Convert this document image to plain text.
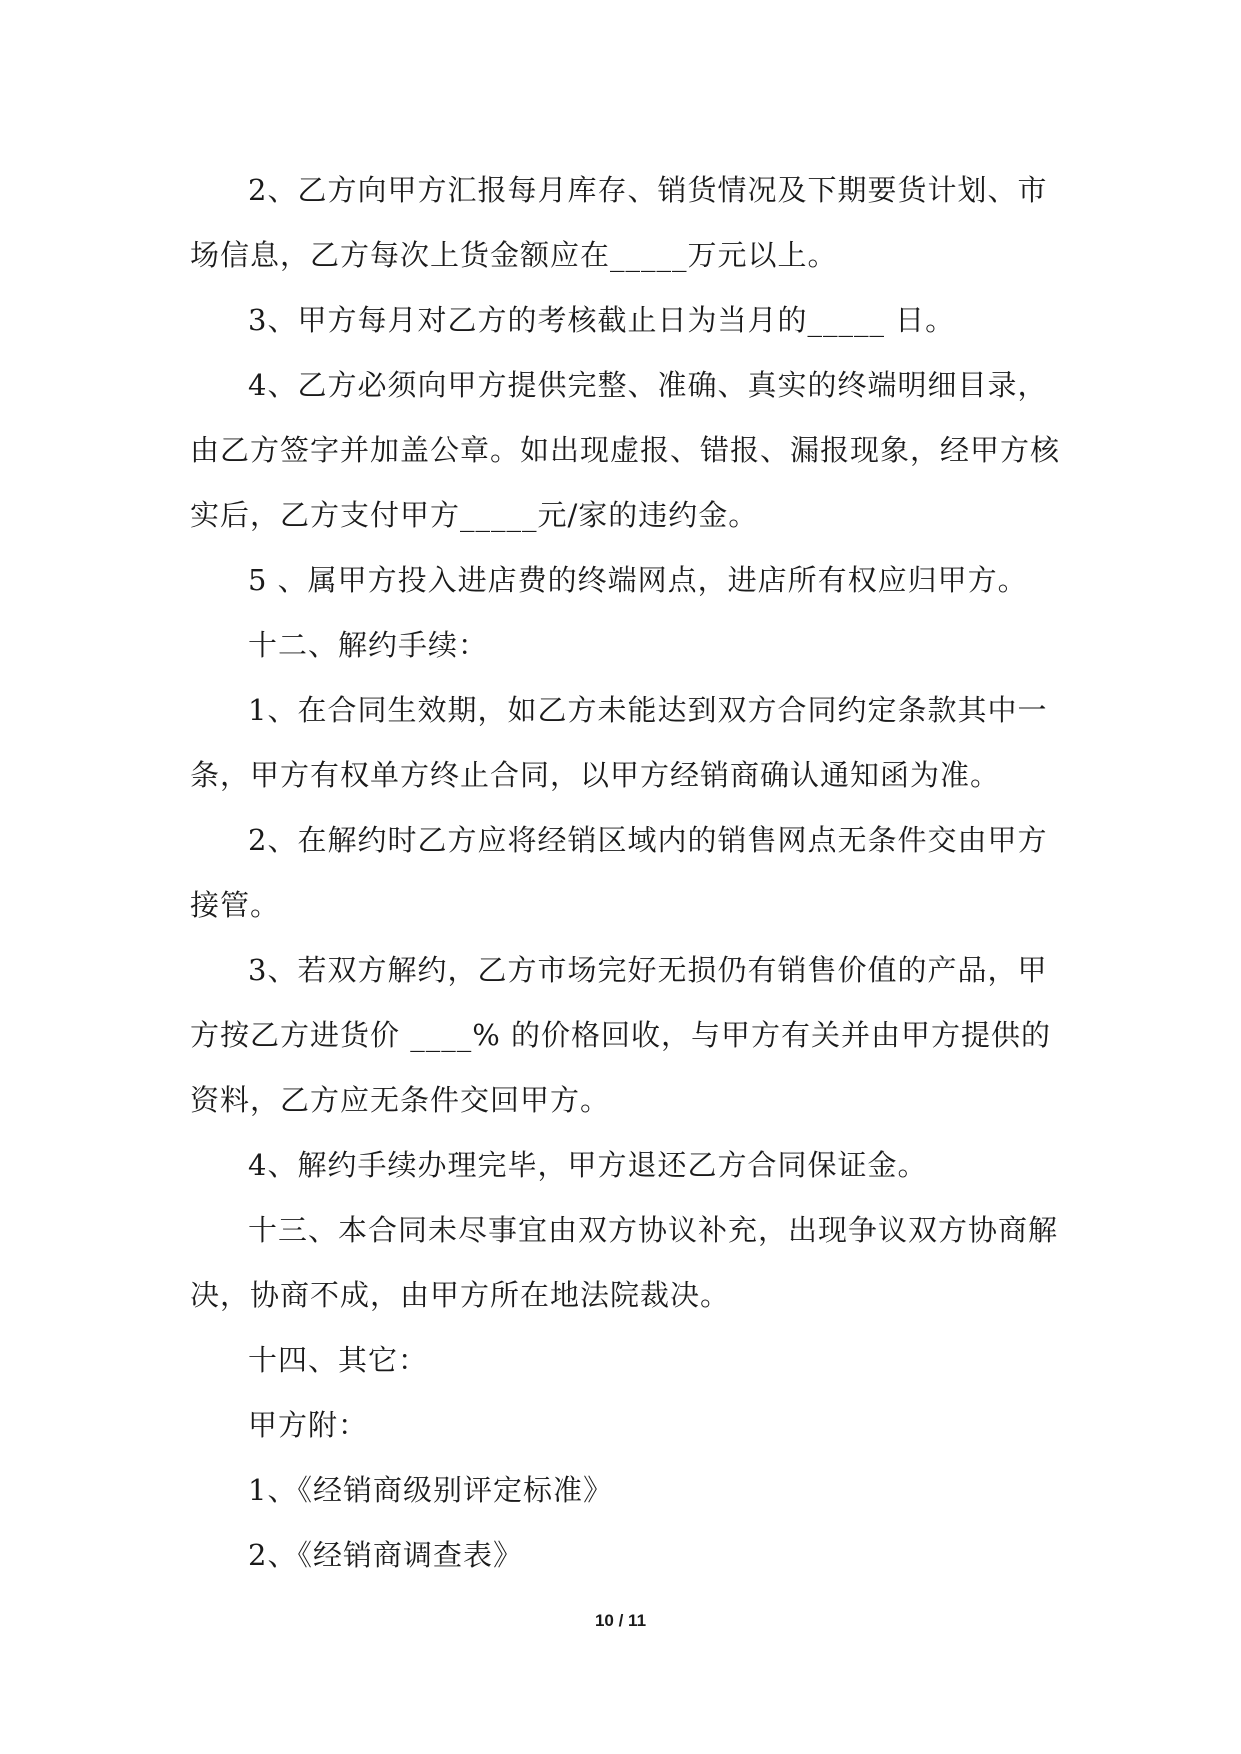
2、乙方向甲方汇报每月库存、销货情况及下期要货计划、市场信息，乙方每次上货金额应在_____万元以上。

3、甲方每月对乙方的考核截止日为当月的_____ 日。

4、乙方必须向甲方提供完整、准确、真实的终端明细目录，由乙方签字并加盖公章。如出现虚报、错报、漏报现象，经甲方核实后，乙方支付甲方_____元/家的违约金。

5 、属甲方投入进店费的终端网点，进店所有权应归甲方。

十二、解约手续：

1、在合同生效期，如乙方未能达到双方合同约定条款其中一条，甲方有权单方终止合同，以甲方经销商确认通知函为准。

2、在解约时乙方应将经销区域内的销售网点无条件交由甲方接管。

3、若双方解约，乙方市场完好无损仍有销售价值的产品，甲方按乙方进货价 ____% 的价格回收，与甲方有关并由甲方提供的资料，乙方应无条件交回甲方。

4、解约手续办理完毕，甲方退还乙方合同保证金。

十三、本合同未尽事宜由双方协议补充，出现争议双方协商解决，协商不成，由甲方所在地法院裁决。

十四、其它：

甲方附：

1、《经销商级别评定标准》

2、《经销商调查表》

10 / 11
